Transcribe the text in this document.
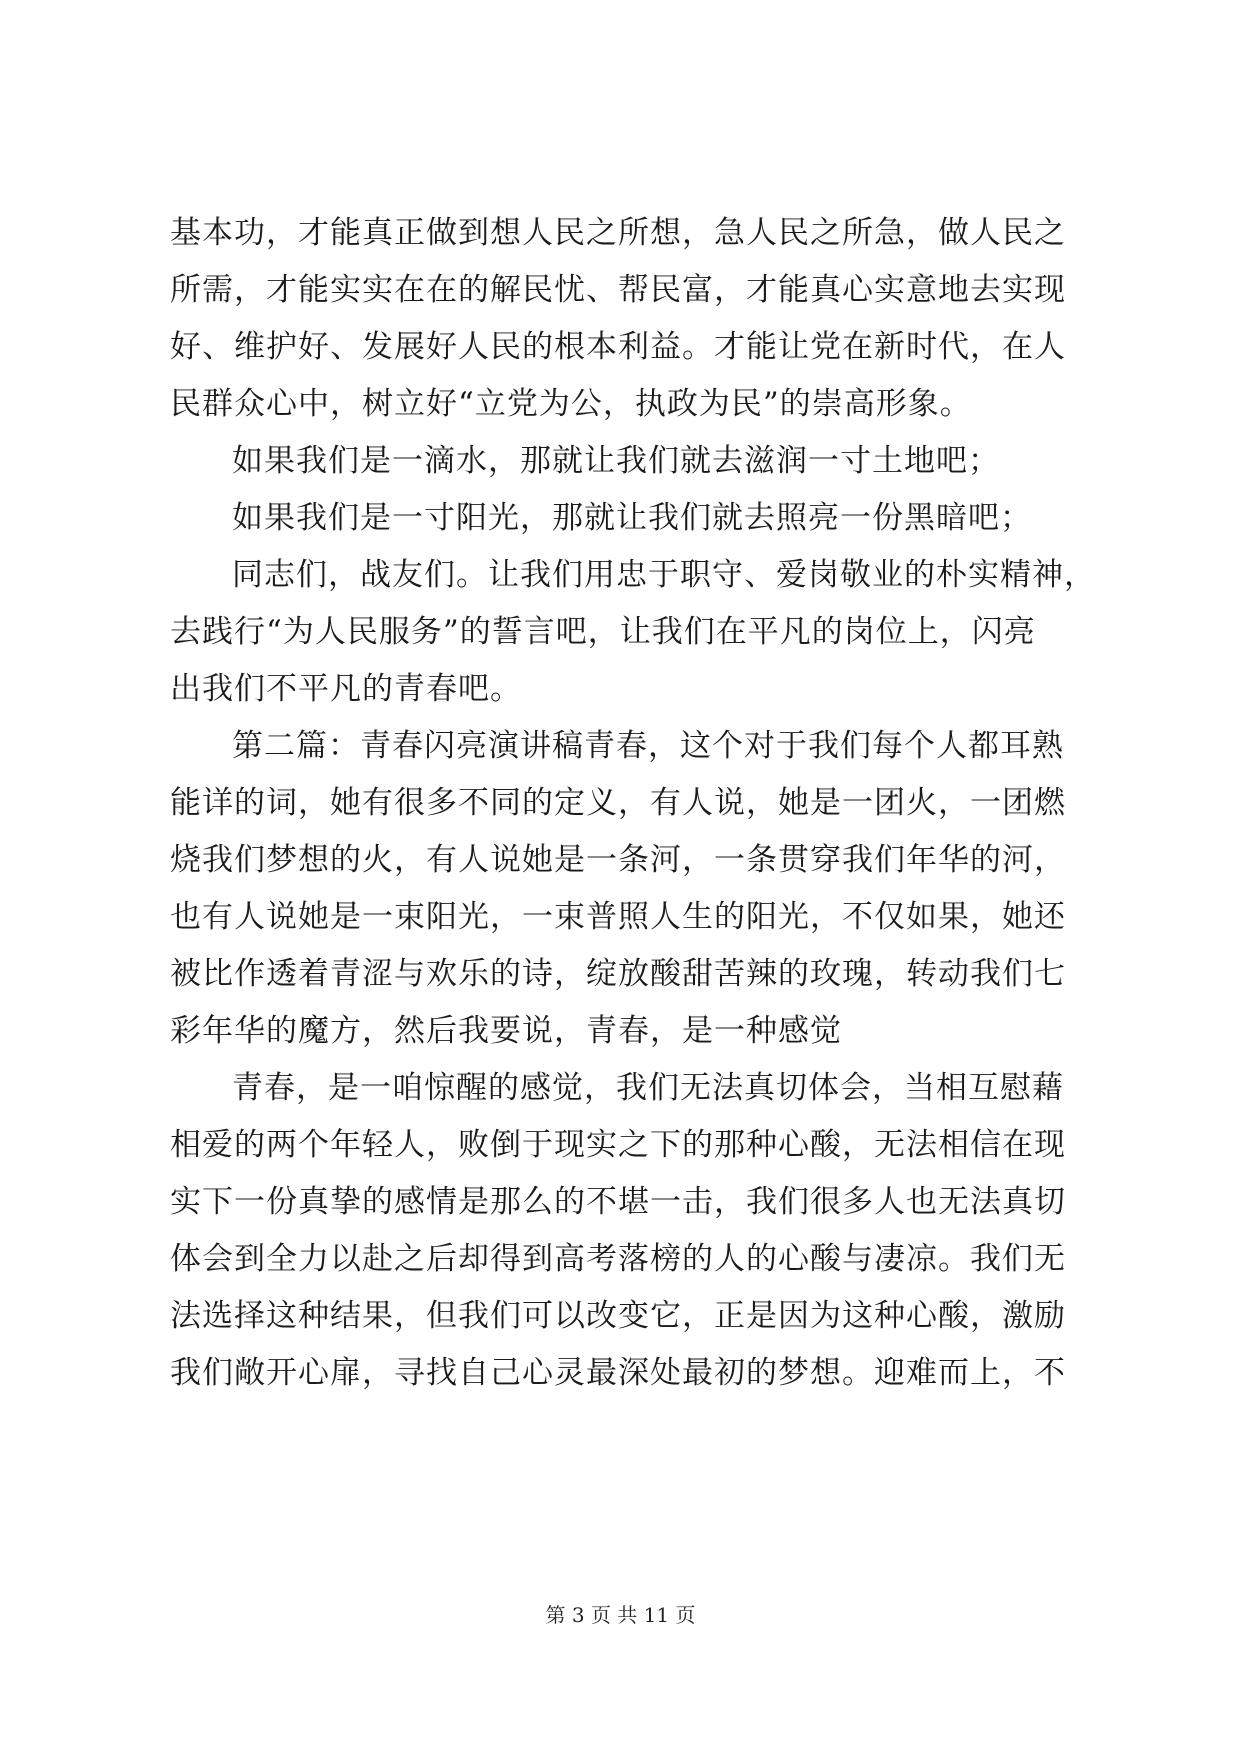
基本功，才能真正做到想人民之所想，急人民之所急，做人民之
所需，才能实实在在的解民忧、帮民富，才能真心实意地去实现
好、维护好、发展好人民的根本利益。才能让党在新时代，在人
民群众心中，树立好“立党为公，执政为民”的崇高形象。
如果我们是一滴水，那就让我们就去滋润一寸土地吧；
如果我们是一寸阳光，那就让我们就去照亮一份黑暗吧；
同志们，战友们。让我们用忠于职守、爱岗敬业的朴实精神，
去践行“为人民服务”的誓言吧，让我们在平凡的岗位上，闪亮
出我们不平凡的青春吧。
第二篇：青春闪亮演讲稿青春，这个对于我们每个人都耳熟
能详的词，她有很多不同的定义，有人说，她是一团火，一团燃
烧我们梦想的火，有人说她是一条河，一条贯穿我们年华的河，
也有人说她是一束阳光，一束普照人生的阳光，不仅如果，她还
被比作透着青涩与欢乐的诗，绽放酸甜苦辣的玫瑰，转动我们七
彩年华的魔方，然后我要说，青春，是一种感觉
青春，是一咱惊醒的感觉，我们无法真切体会，当相互慰藉
相爱的两个年轻人，败倒于现实之下的那种心酸，无法相信在现
实下一份真挚的感情是那么的不堪一击，我们很多人也无法真切
体会到全力以赴之后却得到高考落榜的人的心酸与凄凉。我们无
法选择这种结果，但我们可以改变它，正是因为这种心酸，激励
我们敞开心扉，寻找自己心灵最深处最初的梦想。迎难而上，不
第 3 页 共 11 页
